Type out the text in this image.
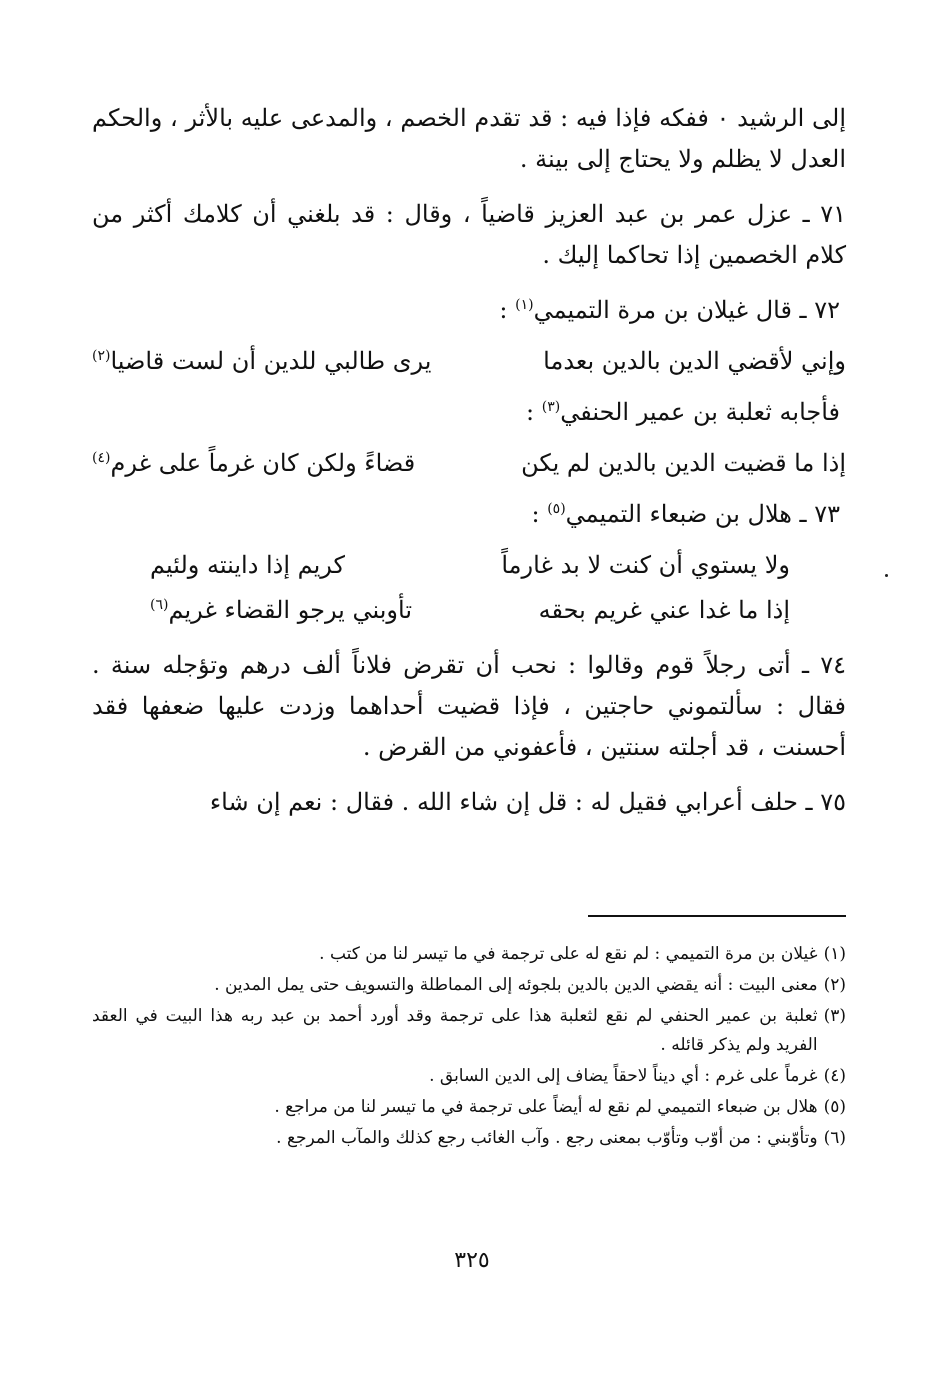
إلى الرشيد ٠ ففكه فإذا فيه : قد تقدم الخصم ، والمدعى عليه بالأثر ، والحكم العدل لا يظلم ولا يحتاج إلى بينة .

٧١ ـ عزل عمر بن عبد العزيز قاضياً ، وقال : قد بلغني أن كلامك أكثر من كلام الخصمين إذا تحاكما إليك .

٧٢ ـ قال غيلان بن مرة التميمي$^{(١)}$ :
وإني لأقضي الدين بالدين بعدما
يرى طالبي للدين أن لست قاضيا$^{(٢)}$
فأجابه ثعلبة بن عمير الحنفي$^{(٣)}$ :
إذا ما قضيت الدين بالدين لم يكن
قضاءً ولكن كان غرماً على غرم$^{(٤)}$
٧٣ ـ هلال بن ضبعاء التميمي$^{(٥)}$ :
ولا يستوي أن كنت لا بد غارماً
كريم إذا داينته ولئيم
إذا ما غدا عني غريم بحقه
تأوبني يرجو القضاء غريم$^{(٦)}$

٧٤ ـ أتى رجلاً قوم وقالوا : نحب أن تقرض فلاناً ألف درهم وتؤجله سنة . فقال : سألتموني حاجتين ، فإذا قضيت أحداهما وزدت عليها ضعفها فقد أحسنت ، قد أجلته سنتين ، فأعفوني من القرض .

٧٥ ـ حلف أعرابي فقيل له : قل إن شاء الله . فقال : نعم إن شاء

(١)
غيلان بن مرة التميمي : لم نقع له على ترجمة في ما تيسر لنا من كتب .
(٢)
معنى البيت : أنه يقضي الدين بالدين بلجوئه إلى المماطلة والتسويف حتى يمل المدين .
(٣)
ثعلبة بن عمير الحنفي لم نقع لثعلبة هذا على ترجمة وقد أورد أحمد بن عبد ربه هذا البيت في العقد الفريد ولم يذكر قائله .
(٤)
غرماً على غرم : أي ديناً لاحقاً يضاف إلى الدين السابق .
(٥)
هلال بن ضبعاء التميمي لم نقع له أيضاً على ترجمة في ما تيسر لنا من مراجع .
(٦)
وتأوّبني : من أوّب وتأوّب بمعنى رجع . وآب الغائب رجع كذلك والمآب المرجع .
٣٢٥
